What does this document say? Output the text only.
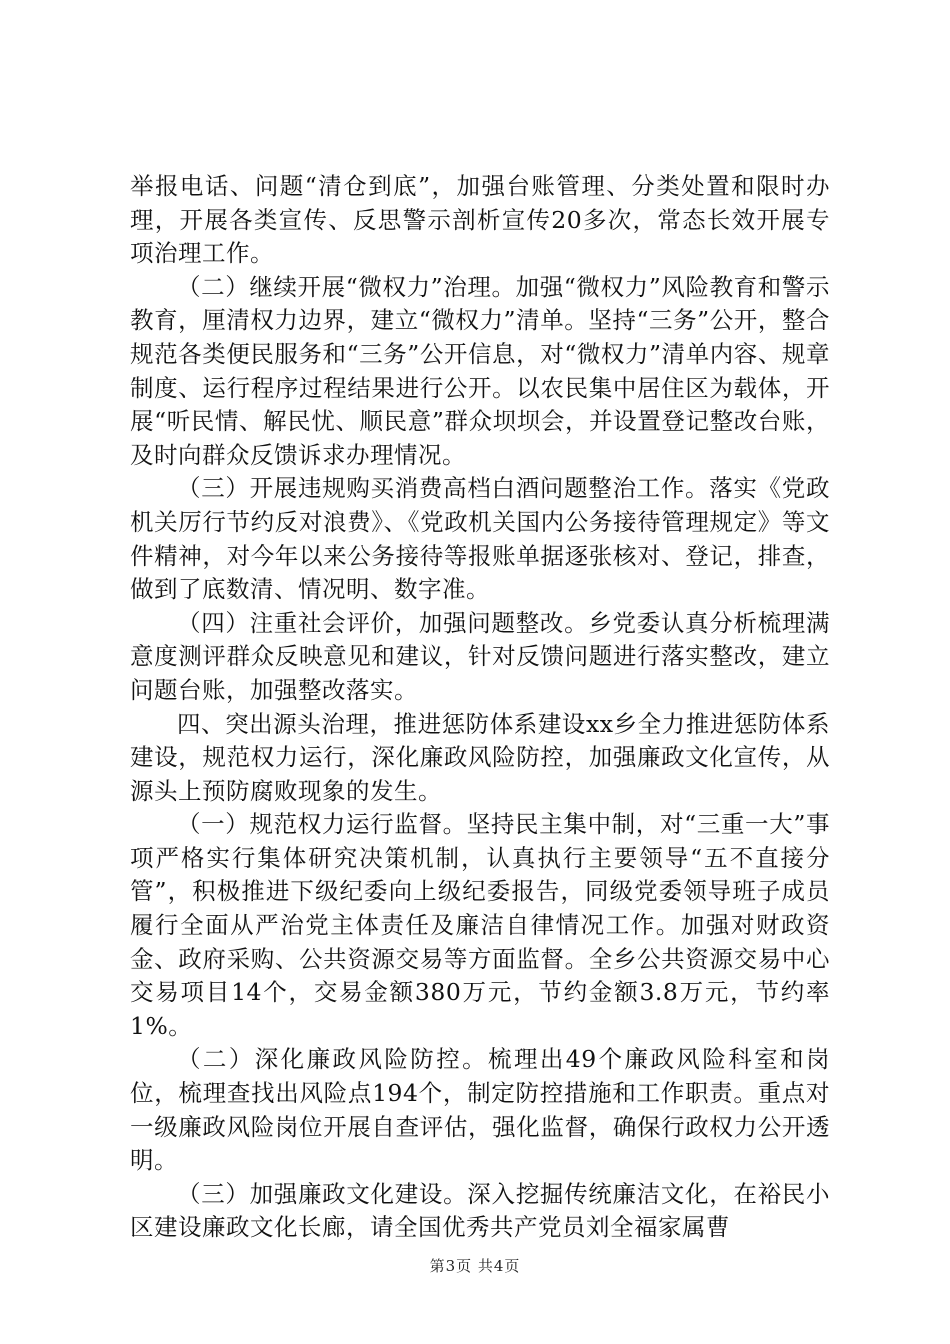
举报电话、问题“清仓到底”，加强台账管理、分类处置和限时办理，开展各类宣传、反思警示剖析宣传20多次，常态长效开展专项治理工作。

（二）继续开展“微权力”治理。加强“微权力”风险教育和警示教育，厘清权力边界，建立“微权力”清单。坚持“三务”公开，整合规范各类便民服务和“三务”公开信息，对“微权力”清单内容、规章制度、运行程序过程结果进行公开。以农民集中居住区为载体，开展“听民情、解民忧、顺民意”群众坝坝会，并设置登记整改台账，及时向群众反馈诉求办理情况。

（三）开展违规购买消费高档白酒问题整治工作。落实《党政机关厉行节约反对浪费》、《党政机关国内公务接待管理规定》等文件精神，对今年以来公务接待等报账单据逐张核对、登记，排查，做到了底数清、情况明、数字准。

（四）注重社会评价，加强问题整改。乡党委认真分析梳理满意度测评群众反映意见和建议，针对反馈问题进行落实整改，建立问题台账，加强整改落实。

四、突出源头治理，推进惩防体系建设xx乡全力推进惩防体系建设，规范权力运行，深化廉政风险防控，加强廉政文化宣传，从源头上预防腐败现象的发生。

（一）规范权力运行监督。坚持民主集中制，对“三重一大”事项严格实行集体研究决策机制，认真执行主要领导“五不直接分管”，积极推进下级纪委向上级纪委报告，同级党委领导班子成员履行全面从严治党主体责任及廉洁自律情况工作。加强对财政资金、政府采购、公共资源交易等方面监督。全乡公共资源交易中心交易项目14个，交易金额380万元，节约金额3.8万元，节约率1%。

（二）深化廉政风险防控。梳理出49个廉政风险科室和岗位，梳理查找出风险点194个，制定防控措施和工作职责。重点对一级廉政风险岗位开展自查评估，强化监督，确保行政权力公开透明。

（三）加强廉政文化建设。深入挖掘传统廉洁文化，在裕民小区建设廉政文化长廊，请全国优秀共产党员刘全福家属曹

第3页 共4页
